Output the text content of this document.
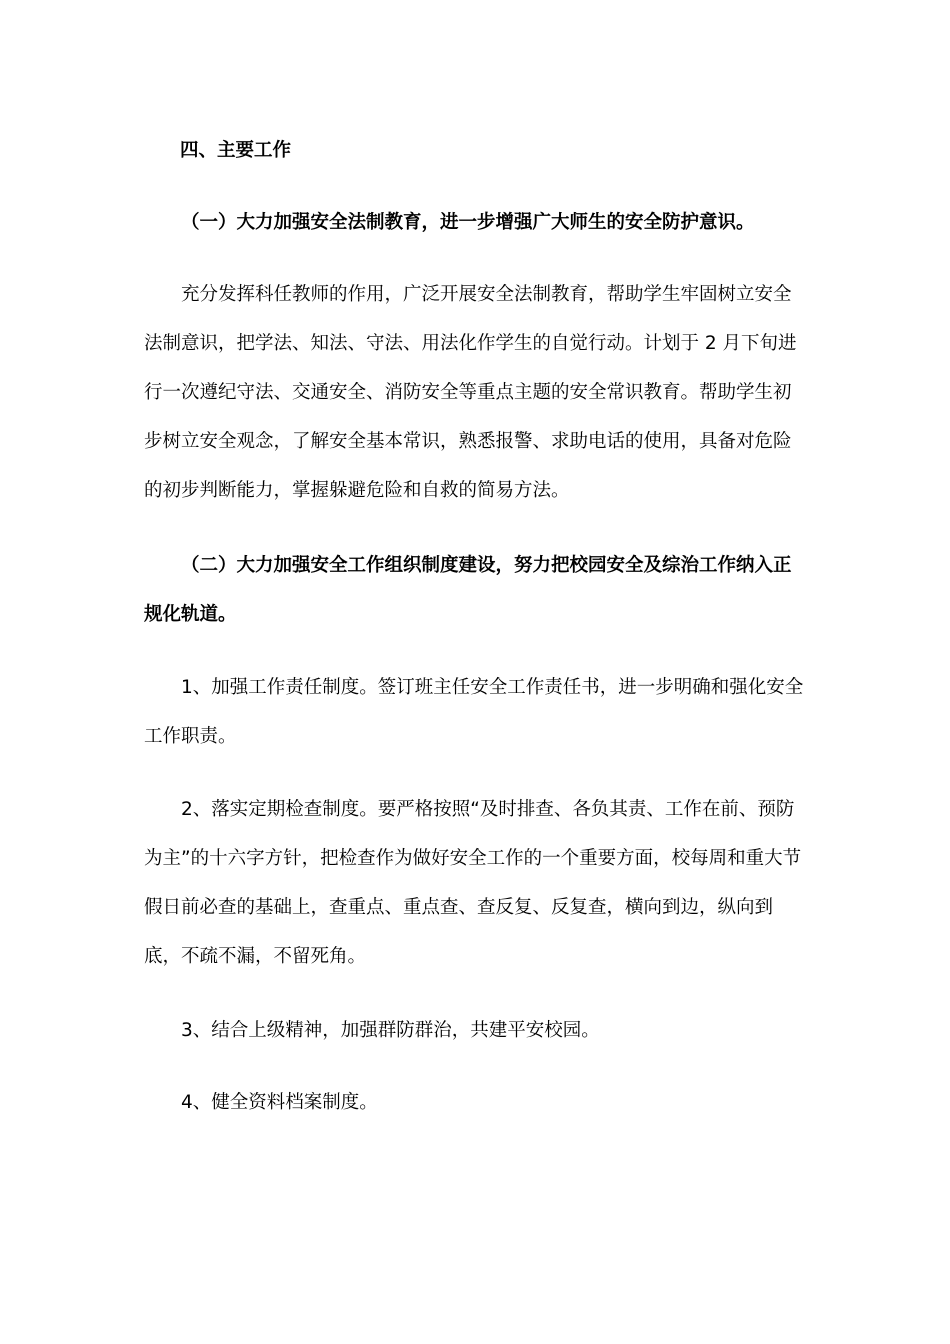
四、主要工作

（一）大力加强安全法制教育，进一步增强广大师生的安全防护意识。

充分发挥科任教师的作用，广泛开展安全法制教育，帮助学生牢固树立安全法制意识，把学法、知法、守法、用法化作学生的自觉行动。计划于 2 月下旬进行一次遵纪守法、交通安全、消防安全等重点主题的安全常识教育。帮助学生初步树立安全观念，了解安全基本常识，熟悉报警、求助电话的使用，具备对危险的初步判断能力，掌握躲避危险和自救的简易方法。

（二）大力加强安全工作组织制度建设，努力把校园安全及综治工作纳入正规化轨道。

1、加强工作责任制度。签订班主任安全工作责任书，进一步明确和强化安全工作职责。

2、落实定期检查制度。要严格按照“及时排查、各负其责、工作在前、预防为主”的十六字方针，把检查作为做好安全工作的一个重要方面，校每周和重大节假日前必查的基础上，查重点、重点查、查反复、反复查，横向到边，纵向到底，不疏不漏，不留死角。

3、结合上级精神，加强群防群治，共建平安校园。

4、健全资料档案制度。
